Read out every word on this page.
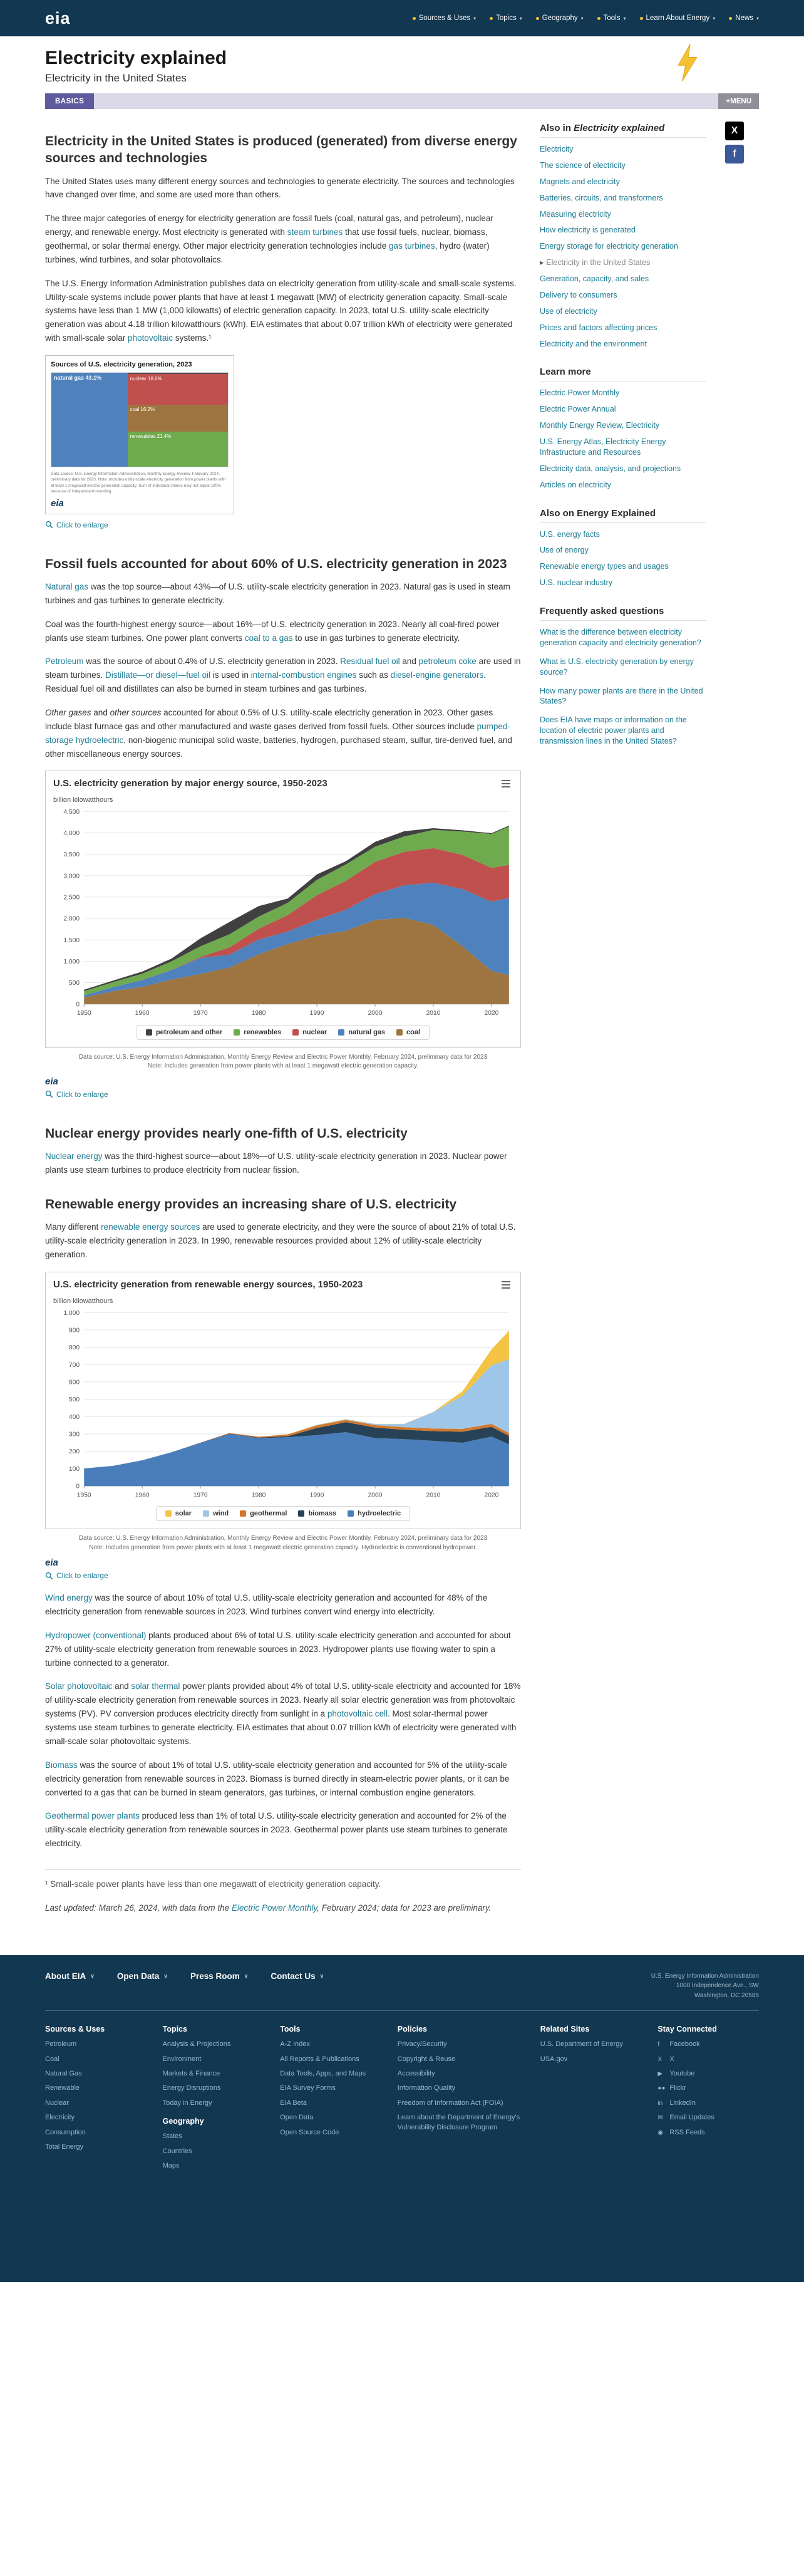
eia	Sources & Uses ▾	Topics ▾	Geography ▾	Tools ▾	Learn About Energy ▾	News ▾
Electricity explained
Electricity in the United States
BASICS	+MENU
Electricity in the United States is produced (generated) from diverse energy sources and technologies

The United States uses many different energy sources and technologies to generate electricity. The sources and technologies have changed over time, and some are used more than others.

The three major categories of energy for electricity generation are fossil fuels (coal, natural gas, and petroleum), nuclear energy, and renewable energy. Most electricity is generated with steam turbines that use fossil fuels, nuclear, biomass, geothermal, or solar thermal energy. Other major electricity generation technologies include gas turbines, hydro (water) turbines, wind turbines, and solar photovoltaics.

The U.S. Energy Information Administration publishes data on electricity generation from utility-scale and small-scale systems. Utility-scale systems include power plants that have at least 1 megawatt (MW) of electricity generation capacity. Small-scale systems have less than 1 MW (1,000 kilowatts) of electric generation capacity. In 2023, total U.S. utility-scale electricity generation was about 4.18 trillion kilowatthours (kWh). EIA estimates that about 0.07 trillion kWh of electricity were generated with small-scale solar photovoltaic systems.¹

Sources of U.S. electricity generation, 2023
natural gas 43.1%	nuclear 18.6%
coal 16.2%
renewables 21.4%
Data source: U.S. Energy Information Administration, Monthly Energy Review, February 2024, preliminary data for 2023. Note: Includes utility-scale electricity generation from power plants with at least 1 megawatt electric generation capacity. Sum of individual shares may not equal 100% because of independent rounding.
eia
Click to enlarge
Fossil fuels accounted for about 60% of U.S. electricity generation in 2023

Natural gas was the top source—about 43%—of U.S. utility-scale electricity generation in 2023. Natural gas is used in steam turbines and gas turbines to generate electricity.

Coal was the fourth-highest energy source—about 16%—of U.S. electricity generation in 2023. Nearly all coal-fired power plants use steam turbines. One power plant converts coal to a gas to use in gas turbines to generate electricity.

Petroleum was the source of about 0.4% of U.S. electricity generation in 2023. Residual fuel oil and petroleum coke are used in steam turbines. Distillate—or diesel—fuel oil is used in internal-combustion engines such as diesel-engine generators. Residual fuel oil and distillates can also be burned in steam turbines and gas turbines.

Other gases and other sources accounted for about 0.5% of U.S. utility-scale electricity generation in 2023. Other gases include blast furnace gas and other manufactured and waste gases derived from fossil fuels. Other sources include pumped-storage hydroelectric, non-biogenic municipal solid waste, batteries, hydrogen, purchased steam, sulfur, tire-derived fuel, and other miscellaneous energy sources.

U.S. electricity generation by major energy source, 1950-2023
billion kilowatthours
0
500
1,000
1,500
2,000
2,500
3,000
3,500
4,000
4,500
1950	1960	1970	1980	1990	2000	2010	2020
petroleum and other	renewables	nuclear	natural gas	coal
Data source: U.S. Energy Information Administration, Monthly Energy Review and Electric Power Monthly, February 2024, preliminary data for 2023
Note: Includes generation from power plants with at least 1 megawatt electric generation capacity.
eia
Click to enlarge
Nuclear energy provides nearly one-fifth of U.S. electricity

Nuclear energy was the third-highest source—about 18%—of U.S. utility-scale electricity generation in 2023. Nuclear power plants use steam turbines to produce electricity from nuclear fission.

Renewable energy provides an increasing share of U.S. electricity

Many different renewable energy sources are used to generate electricity, and they were the source of about 21% of total U.S. utility-scale electricity generation in 2023. In 1990, renewable resources provided about 12% of utility-scale electricity generation.

U.S. electricity generation from renewable energy sources, 1950-2023
billion kilowatthours
0
100
200
300
400
500
600
700
800
900
1,000
1950	1960	1970	1980	1990	2000	2010	2020
solar	wind	geothermal	biomass	hydroelectric
Data source: U.S. Energy Information Administration, Monthly Energy Review and Electric Power Monthly, February 2024, preliminary data for 2023
Note: Includes generation from power plants with at least 1 megawatt electric generation capacity. Hydroelectric is conventional hydropower.
eia
Click to enlarge

Wind energy was the source of about 10% of total U.S. utility-scale electricity generation and accounted for 48% of the electricity generation from renewable sources in 2023. Wind turbines convert wind energy into electricity.

Hydropower (conventional) plants produced about 6% of total U.S. utility-scale electricity generation and accounted for about 27% of utility-scale electricity generation from renewable sources in 2023. Hydropower plants use flowing water to spin a turbine connected to a generator.

Solar photovoltaic and solar thermal power plants provided about 4% of total U.S. utility-scale electricity and accounted for 18% of utility-scale electricity generation from renewable sources in 2023. Nearly all solar electric generation was from photovoltaic systems (PV). PV conversion produces electricity directly from sunlight in a photovoltaic cell. Most solar-thermal power systems use steam turbines to generate electricity. EIA estimates that about 0.07 trillion kWh of electricity were generated with small-scale solar photovoltaic systems.

Biomass was the source of about 1% of total U.S. utility-scale electricity generation and accounted for 5% of the utility-scale electricity generation from renewable sources in 2023. Biomass is burned directly in steam-electric power plants, or it can be converted to a gas that can be burned in steam generators, gas turbines, or internal combustion engine generators.

Geothermal power plants produced less than 1% of total U.S. utility-scale electricity generation and accounted for 2% of the utility-scale electricity generation from renewable sources in 2023. Geothermal power plants use steam turbines to generate electricity.

¹ Small-scale power plants have less than one megawatt of electricity generation capacity.

Last updated: March 26, 2024, with data from the Electric Power Monthly, February 2024; data for 2023 are preliminary.

Also in Electricity explained
Electricity
The science of electricity
Magnets and electricity
Batteries, circuits, and transformers
Measuring electricity
How electricity is generated
Energy storage for electricity generation
▸ Electricity in the United States
Generation, capacity, and sales
Delivery to consumers
Use of electricity
Prices and factors affecting prices
Electricity and the environment
Learn more
Electric Power Monthly
Electric Power Annual
Monthly Energy Review, Electricity
U.S. Energy Atlas, Electricity Energy Infrastructure and Resources
Electricity data, analysis, and projections
Articles on electricity
Also on Energy Explained
U.S. energy facts
Use of energy
Renewable energy types and usages
U.S. nuclear industry
Frequently asked questions
What is the difference between electricity generation capacity and electricity generation?
What is U.S. electricity generation by energy source?
How many power plants are there in the United States?
Does EIA have maps or information on the location of electric power plants and transmission lines in the United States?
X
f
About EIA ∨	Open Data ∨	Press Room ∨	Contact Us ∨	U.S. Energy Information Administration
1000 Independence Ave., SW
Washington, DC 20585
Sources & Uses
Petroleum
Coal
Natural Gas
Renewable
Nuclear
Electricity
Consumption
Total Energy
Topics
Analysis & Projections
Environment
Markets & Finance
Energy Disruptions
Today in Energy
Geography
States
Countries
Maps
Tools
A-Z Index
All Reports & Publications
Data Tools, Apps, and Maps
EIA Survey Forms
EIA Beta
Open Data
Open Source Code
Policies
Privacy/Security
Copyright & Reuse
Accessibility
Information Quality
Freedom of Information Act (FOIA)
Learn about the Department of Energy's Vulnerability Disclosure Program
Related Sites
U.S. Department of Energy
USA.gov
Stay Connected
f Facebook
X X
▶ Youtube
●● Flickr
in LinkedIn
✉ Email Updates
◉ RSS Feeds
